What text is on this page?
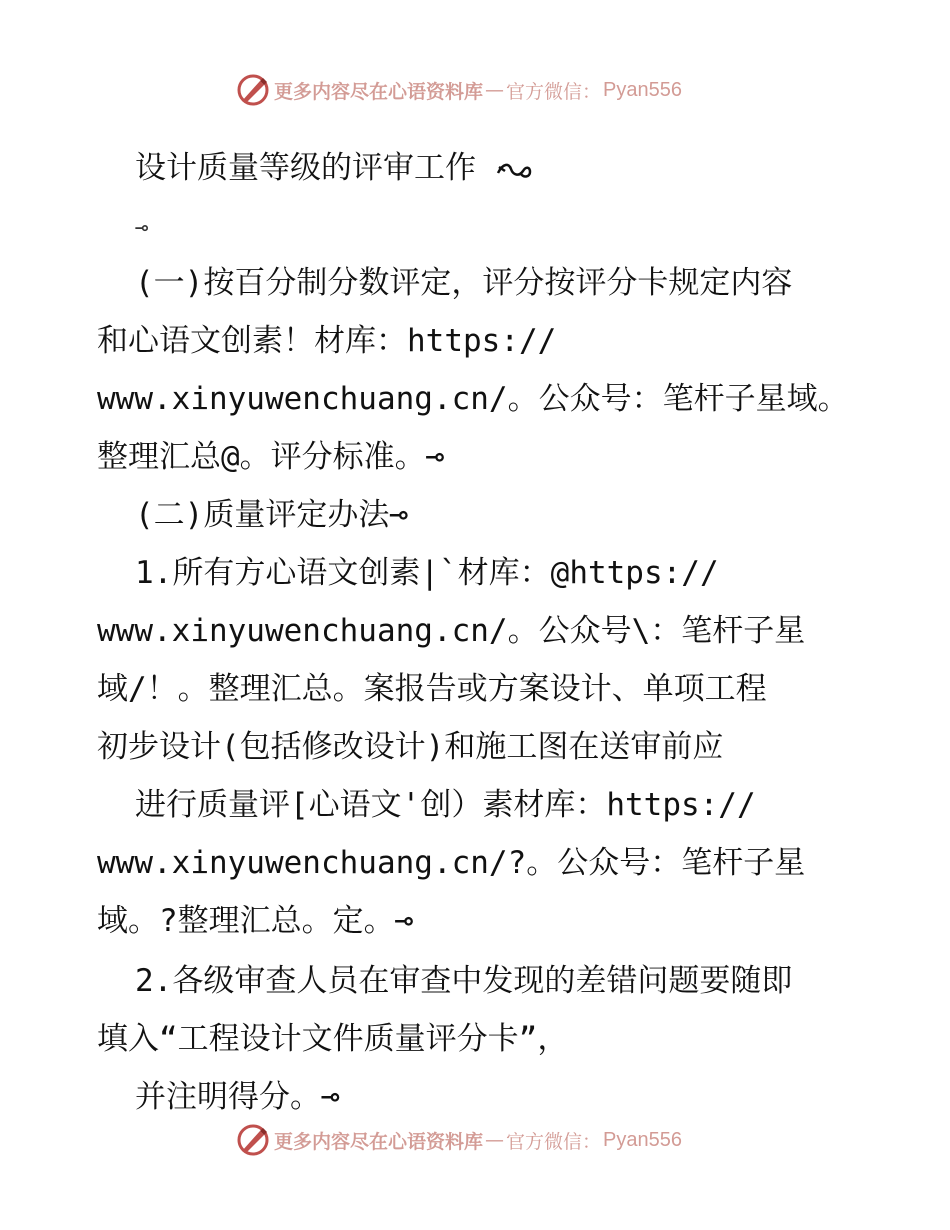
更多内容尽在心语资料库 — 官方微信： Pyan556
设计质量等级的评审工作
⊸
(一)按百分制分数评定，评分按评分卡规定内容
和心语文创素！材库：https://
www.xinyuwenchuang.cn/。公众号：笔杆子星域。
整理汇总@。评分标准。⊸
(二)质量评定办法⊸
1.所有方心语文创素|`材库：@https://
www.xinyuwenchuang.cn/。公众号\：笔杆子星
域/！。整理汇总。案报告或方案设计、单项工程
初步设计(包括修改设计)和施工图在送审前应
进行质量评[心语文'创）素材库：https://
www.xinyuwenchuang.cn/?。公众号：笔杆子星
域。?整理汇总。定。⊸
2.各级审查人员在审查中发现的差错问题要随即
填入“工程设计文件质量评分卡”，
并注明得分。⊸
更多内容尽在心语资料库 — 官方微信： Pyan556
